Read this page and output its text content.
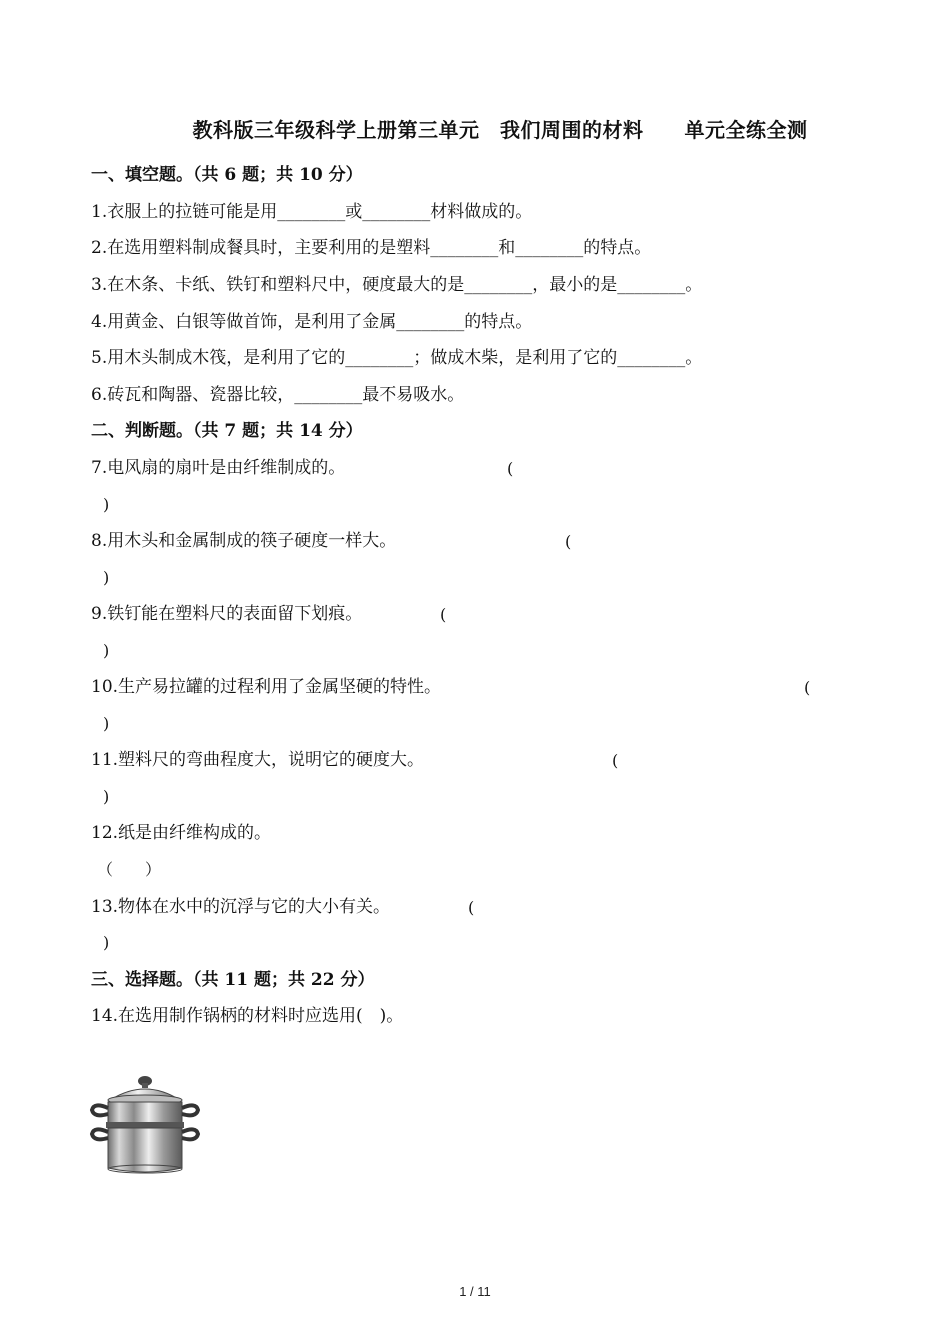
教科版三年级科学上册第三单元　我们周围的材料　　单元全练全测
一、填空题。（共 6 题；共 10 分）
1.衣服上的拉链可能是用________或________材料做成的。
2.在选用塑料制成餐具时，主要利用的是塑料________和________的特点。
3.在木条、卡纸、铁钉和塑料尺中，硬度最大的是________，最小的是________。
4.用黄金、白银等做首饰，是利用了金属________的特点。
5.用木头制成木筏，是利用了它的________；做成木柴，是利用了它的________。
6.砖瓦和陶器、瓷器比较，________最不易吸水。
二、判断题。（共 7 题；共 14 分）
7.电风扇的扇叶是由纤维制成的。	(
)
8.用木头和金属制成的筷子硬度一样大。	(
)
9.铁钉能在塑料尺的表面留下划痕。	(
)
10.生产易拉罐的过程利用了金属坚硬的特性。	(
)
11.塑料尺的弯曲程度大，说明它的硬度大。	(
)
12.纸是由纤维构成的。
（　　）
13.物体在水中的沉浮与它的大小有关。	(
)
三、选择题。（共 11 题；共 22 分）
14.在选用制作锅柄的材料时应选用(　)。
1 / 11
